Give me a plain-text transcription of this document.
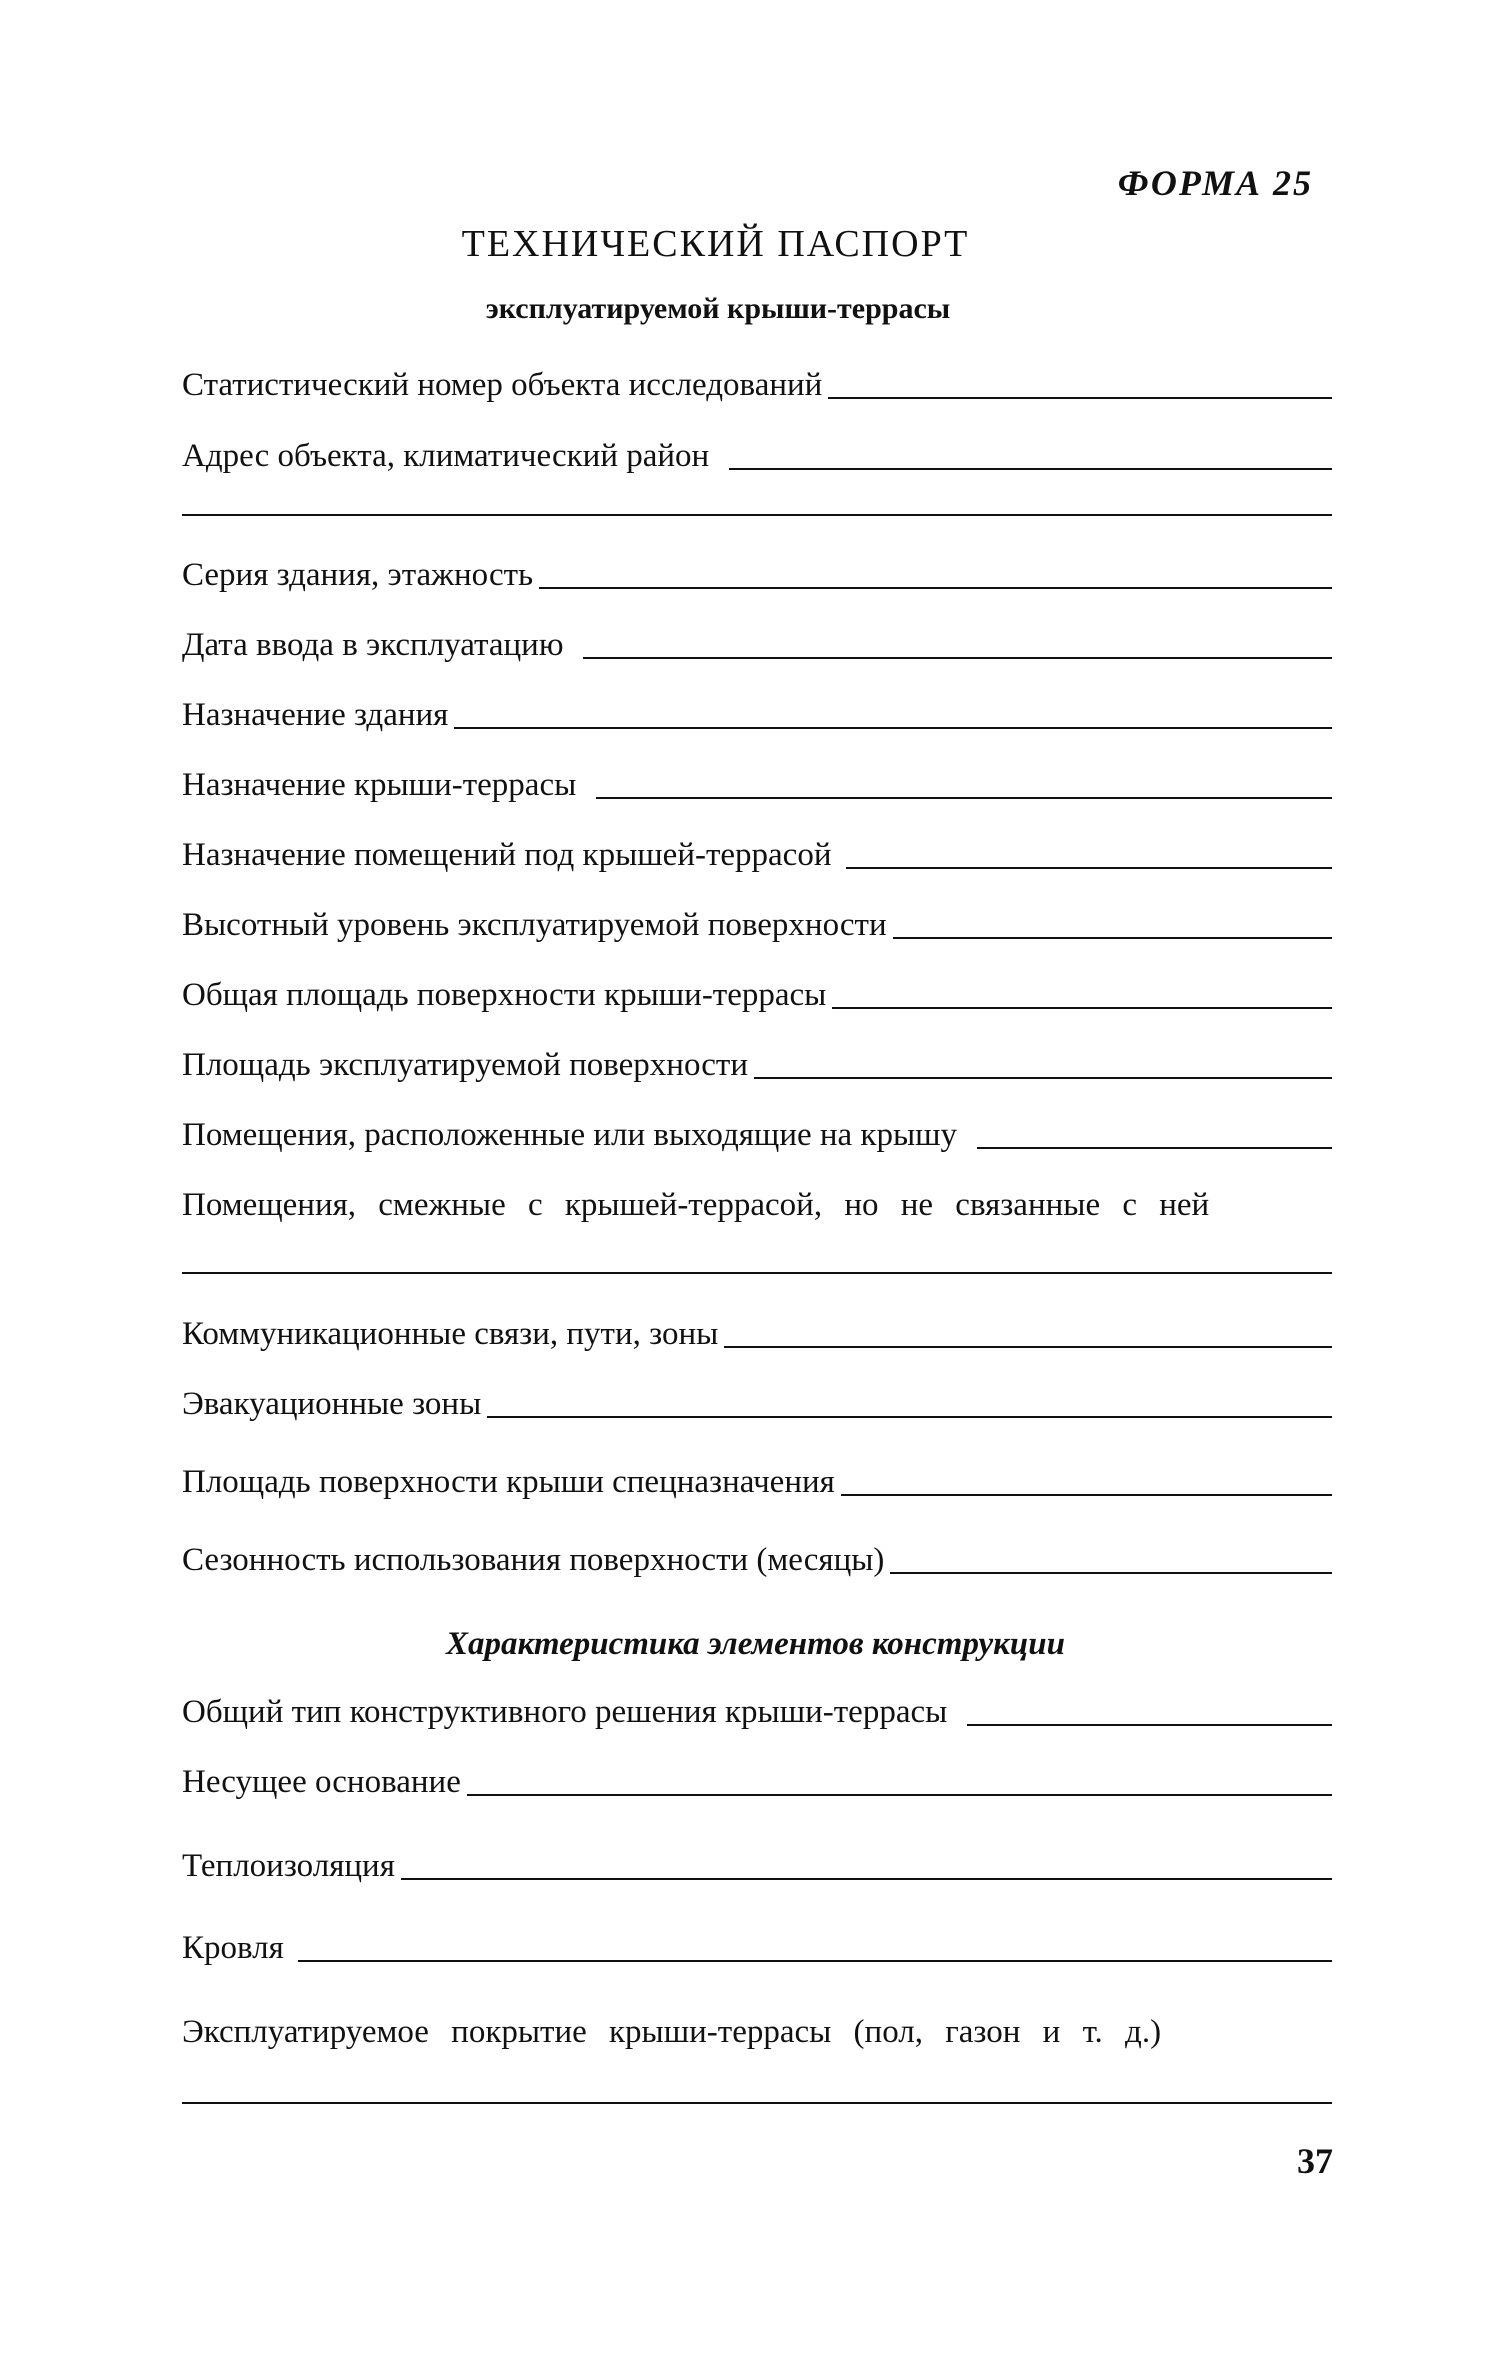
ФОРМА 25
ТЕХНИЧЕСКИЙ ПАСПОРТ
эксплуатируемой крыши-террасы
Статистический номер объекта исследований
Адрес объекта, климатический район
Серия здания, этажность
Дата ввода в эксплуатацию
Назначение здания
Назначение крыши-террасы
Назначение помещений под крышей-террасой
Высотный уровень эксплуатируемой поверхности
Общая площадь поверхности крыши-террасы
Площадь эксплуатируемой поверхности
Помещения, расположенные или выходящие на крышу
Помещения, смежные с крышей-террасой, но не связанные с ней
Коммуникационные связи, пути, зоны
Эвакуационные зоны
Площадь поверхности крыши спецназначения
Сезонность использования поверхности (месяцы)
Характеристика элементов конструкции
Общий тип конструктивного решения крыши-террасы
Несущее основание
Теплоизоляция
Кровля
Эксплуатируемое покрытие крыши-террасы (пол, газон и т. д.)
37
